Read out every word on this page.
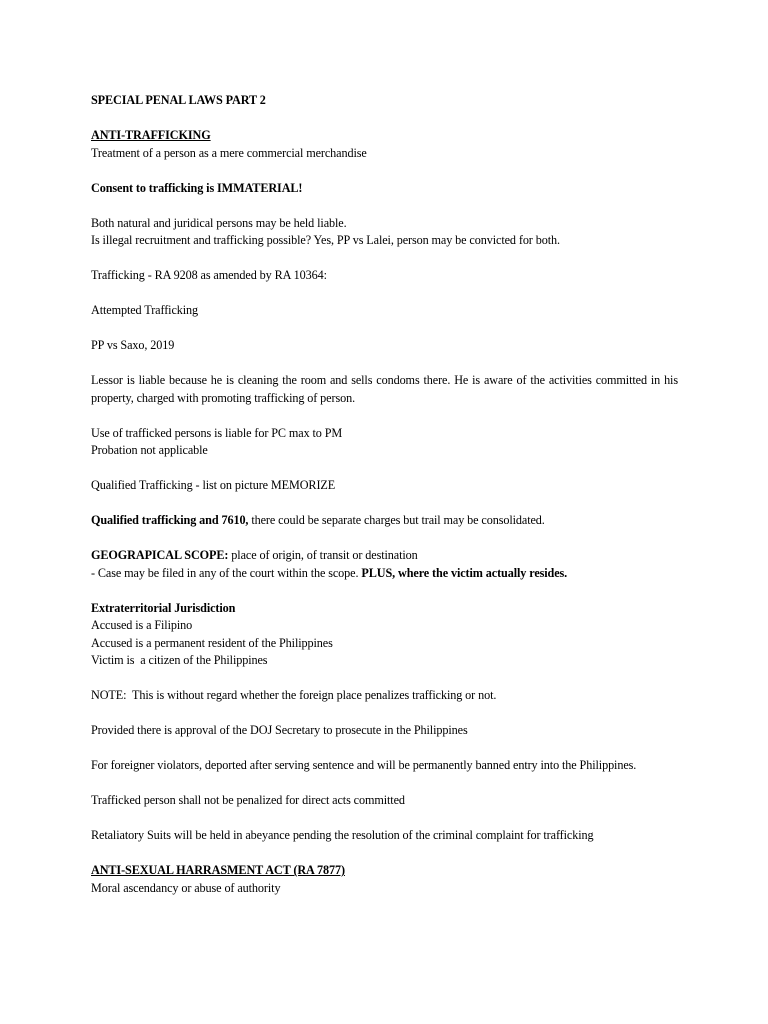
SPECIAL PENAL LAWS PART 2

ANTI-TRAFFICKING

Treatment of a person as a mere commercial merchandise

Consent to trafficking is IMMATERIAL!

Both natural and juridical persons may be held liable.

Is illegal recruitment and trafficking possible? Yes, PP vs Lalei, person may be convicted for both.

Trafficking - RA 9208 as amended by RA 10364:

Attempted Trafficking

PP vs Saxo, 2019

Lessor is liable because he is cleaning the room and sells condoms there. He is aware of the activities committed in his property, charged with promoting trafficking of person.

Use of trafficked persons is liable for PC max to PM

Probation not applicable

Qualified Trafficking - list on picture MEMORIZE

Qualified trafficking and 7610, there could be separate charges but trail may be consolidated.

GEOGRAPICAL SCOPE: place of origin, of transit or destination

- Case may be filed in any of the court within the scope. PLUS, where the victim actually resides.

Extraterritorial Jurisdiction

Accused is a Filipino

Accused is a permanent resident of the Philippines

Victim is  a citizen of the Philippines

NOTE:  This is without regard whether the foreign place penalizes trafficking or not.

Provided there is approval of the DOJ Secretary to prosecute in the Philippines

For foreigner violators, deported after serving sentence and will be permanently banned entry into the Philippines.

Trafficked person shall not be penalized for direct acts committed

Retaliatory Suits will be held in abeyance pending the resolution of the criminal complaint for trafficking

ANTI-SEXUAL HARRASMENT ACT (RA 7877)

Moral ascendancy or abuse of authority
